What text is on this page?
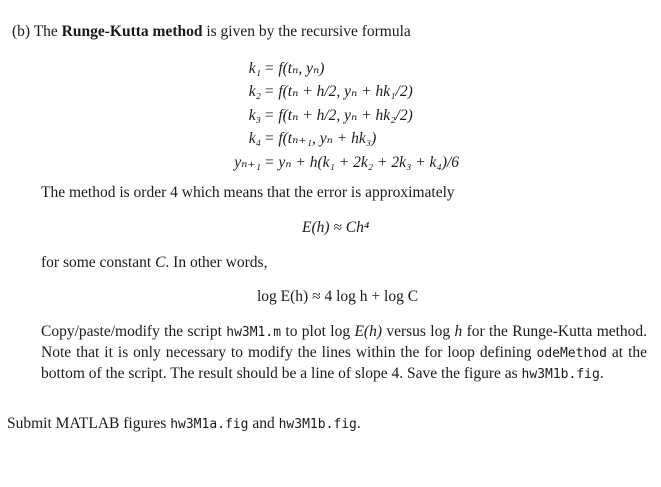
(b) The Runge-Kutta method is given by the recursive formula
k₁ = f(tₙ, yₙ)
k₂ = f(tₙ + h/2, yₙ + hk₁/2)
k₃ = f(tₙ + h/2, yₙ + hk₂/2)
k₄ = f(tₙ₊₁, yₙ + hk₃)
yₙ₊₁ = yₙ + h(k₁ + 2k₂ + 2k₃ + k₄)/6
The method is order 4 which means that the error is approximately
E(h) ≈ Ch⁴
for some constant C. In other words,
log E(h) ≈ 4 log h + log C
Copy/paste/modify the script hw3M1.m to plot log E(h) versus log h for the Runge-Kutta method. Note that it is only necessary to modify the lines within the for loop defining odeMethod at the bottom of the script. The result should be a line of slope 4. Save the figure as hw3M1b.fig.
Submit MATLAB figures hw3M1a.fig and hw3M1b.fig.
